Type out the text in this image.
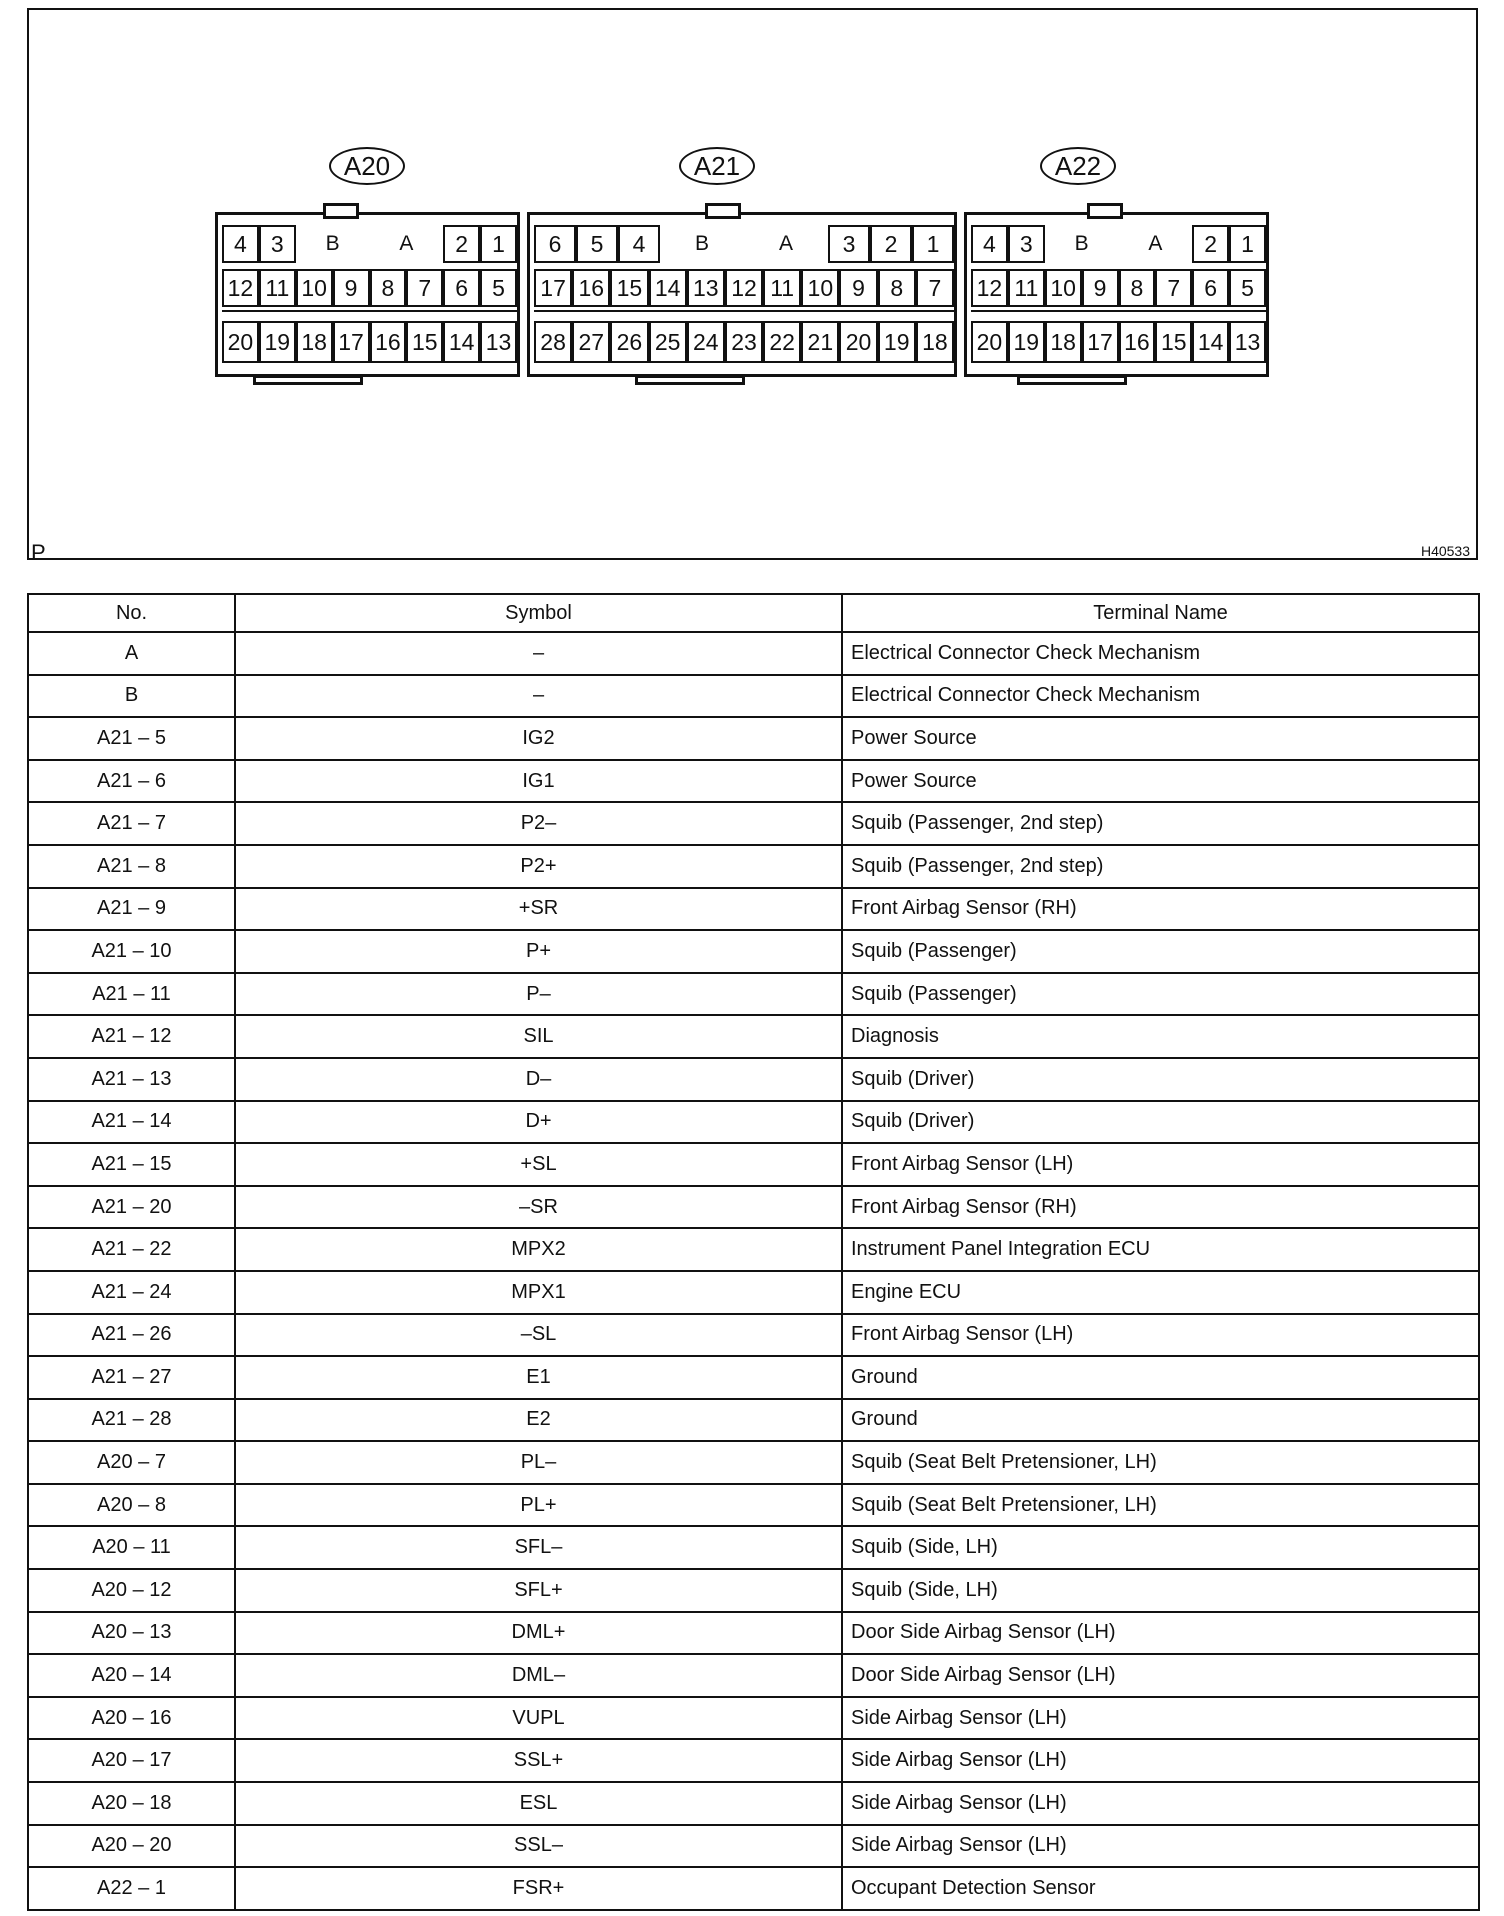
P	H40533
A20
4	3	B	A	2	1
12 11 10 9	8	7	6	5
20 19 18 17 16 15 14 13
A21
6	5	4	B	A	3	2	1
17 16 15 14 13 12 11 10 9	8	7
28 27 26 25 24 23 22 21 20 19 18
A22
4	3	B	A	2	1
12 11 10 9	8	7	6	5
20 19 18 17 16 15 14 13
No.	Symbol	Terminal Name
A	–	Electrical Connector Check Mechanism
B	–	Electrical Connector Check Mechanism
A21 – 5	IG2	Power Source
A21 – 6	IG1	Power Source
A21 – 7	P2–	Squib (Passenger, 2nd step)
A21 – 8	P2+	Squib (Passenger, 2nd step)
A21 – 9	+SR	Front Airbag Sensor (RH)
A21 – 10	P+	Squib (Passenger)
A21 – 11	P–	Squib (Passenger)
A21 – 12	SIL	Diagnosis
A21 – 13	D–	Squib (Driver)
A21 – 14	D+	Squib (Driver)
A21 – 15	+SL	Front Airbag Sensor (LH)
A21 – 20	–SR	Front Airbag Sensor (RH)
A21 – 22	MPX2	Instrument Panel Integration ECU
A21 – 24	MPX1	Engine ECU
A21 – 26	–SL	Front Airbag Sensor (LH)
A21 – 27	E1	Ground
A21 – 28	E2	Ground
A20 – 7	PL–	Squib (Seat Belt Pretensioner, LH)
A20 – 8	PL+	Squib (Seat Belt Pretensioner, LH)
A20 – 11	SFL–	Squib (Side, LH)
A20 – 12	SFL+	Squib (Side, LH)
A20 – 13	DML+	Door Side Airbag Sensor (LH)
A20 – 14	DML–	Door Side Airbag Sensor (LH)
A20 – 16	VUPL	Side Airbag Sensor (LH)
A20 – 17	SSL+	Side Airbag Sensor (LH)
A20 – 18	ESL	Side Airbag Sensor (LH)
A20 – 20	SSL–	Side Airbag Sensor (LH)
A22 – 1	FSR+	Occupant Detection Sensor
